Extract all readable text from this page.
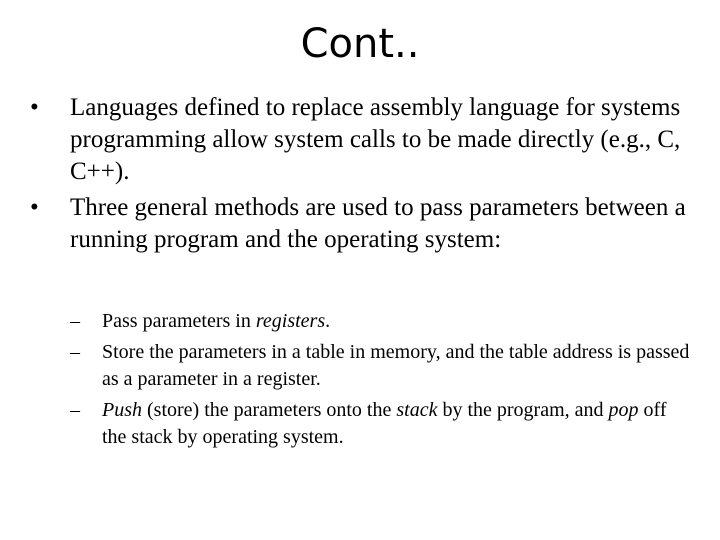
Cont..
•	Languages defined to replace assembly language for systems programming allow system calls to be made directly (e.g., C, C++).
•	Three general methods are used to pass parameters between a running program and the operating system:
–	Pass parameters in registers.
–	Store the parameters in a table in memory, and the table address is passed as a parameter in a register.
–	Push (store) the parameters onto the stack by the program, and pop off the stack by operating system.
